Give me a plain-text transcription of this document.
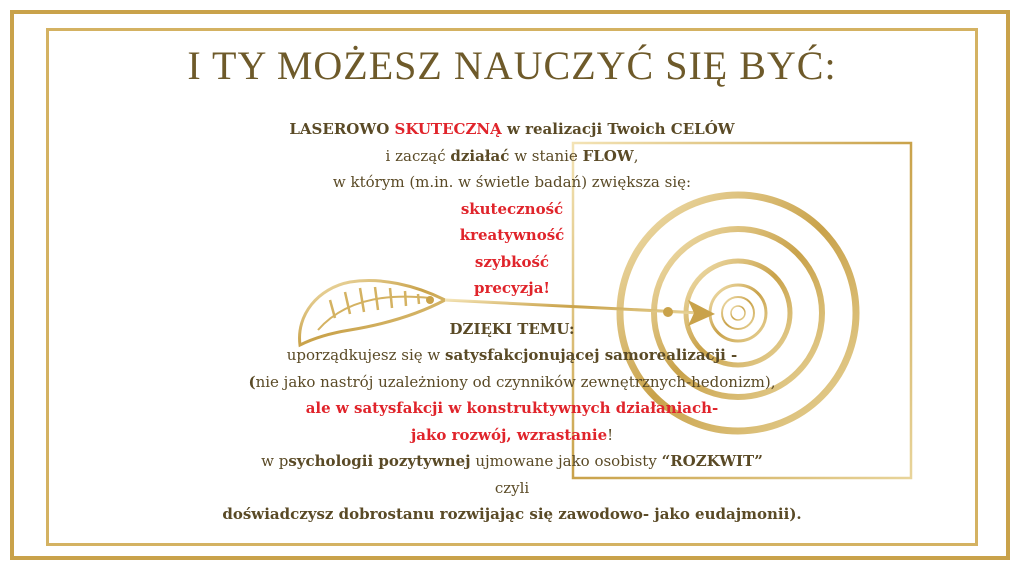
I TY MOŻESZ NAUCZYĆ SIĘ BYĆ:
LASEROWO SKUTECZNĄ w realizacji Twoich CELÓW
i zacząć działać w stanie FLOW,
w którym (m.in. w świetle badań) zwiększa się:
skuteczność
kreatywność
szybkość
precyzja!
DZIĘKI TEMU:
uporządkujesz się w satysfakcjonującej samorealizacji -
(nie jako nastrój uzależniony od czynników zewnętrznych-hedonizm),
ale w satysfakcji w konstruktywnych działaniach-
jako rozwój, wzrastanie!
w psychologii pozytywnej ujmowane jako osobisty “ROZKWIT”
czyli
doświadczysz dobrostanu rozwijając się zawodowo- jako eudajmonii).
